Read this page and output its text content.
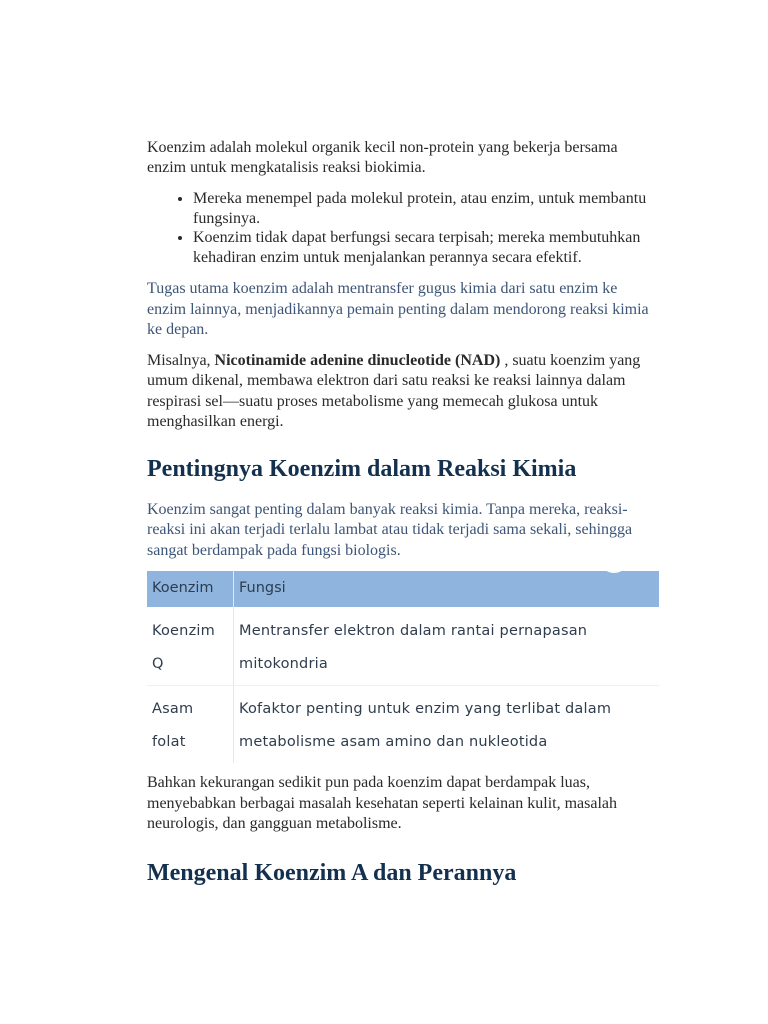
Koenzim adalah molekul organik kecil non-protein yang bekerja bersama enzim untuk mengkatalisis reaksi biokimia.

• Mereka menempel pada molekul protein, atau enzim, untuk membantu fungsinya.
• Koenzim tidak dapat berfungsi secara terpisah; mereka membutuhkan kehadiran enzim untuk menjalankan perannya secara efektif.

Tugas utama koenzim adalah mentransfer gugus kimia dari satu enzim ke enzim lainnya, menjadikannya pemain penting dalam mendorong reaksi kimia ke depan.

Misalnya, Nicotinamide adenine dinucleotide (NAD) , suatu koenzim yang umum dikenal, membawa elektron dari satu reaksi ke reaksi lainnya dalam respirasi sel—suatu proses metabolisme yang memecah glukosa untuk menghasilkan energi.

Pentingnya Koenzim dalam Reaksi Kimia

Koenzim sangat penting dalam banyak reaksi kimia. Tanpa mereka, reaksi-reaksi ini akan terjadi terlalu lambat atau tidak terjadi sama sekali, sehingga sangat berdampak pada fungsi biologis.

Koenzim	Fungsi
Koenzim Q	Mentransfer elektron dalam rantai pernapasan mitokondria
Asam folat	Kofaktor penting untuk enzim yang terlibat dalam metabolisme asam amino dan nukleotida

Bahkan kekurangan sedikit pun pada koenzim dapat berdampak luas, menyebabkan berbagai masalah kesehatan seperti kelainan kulit, masalah neurologis, dan gangguan metabolisme.

Mengenal Koenzim A dan Perannya
